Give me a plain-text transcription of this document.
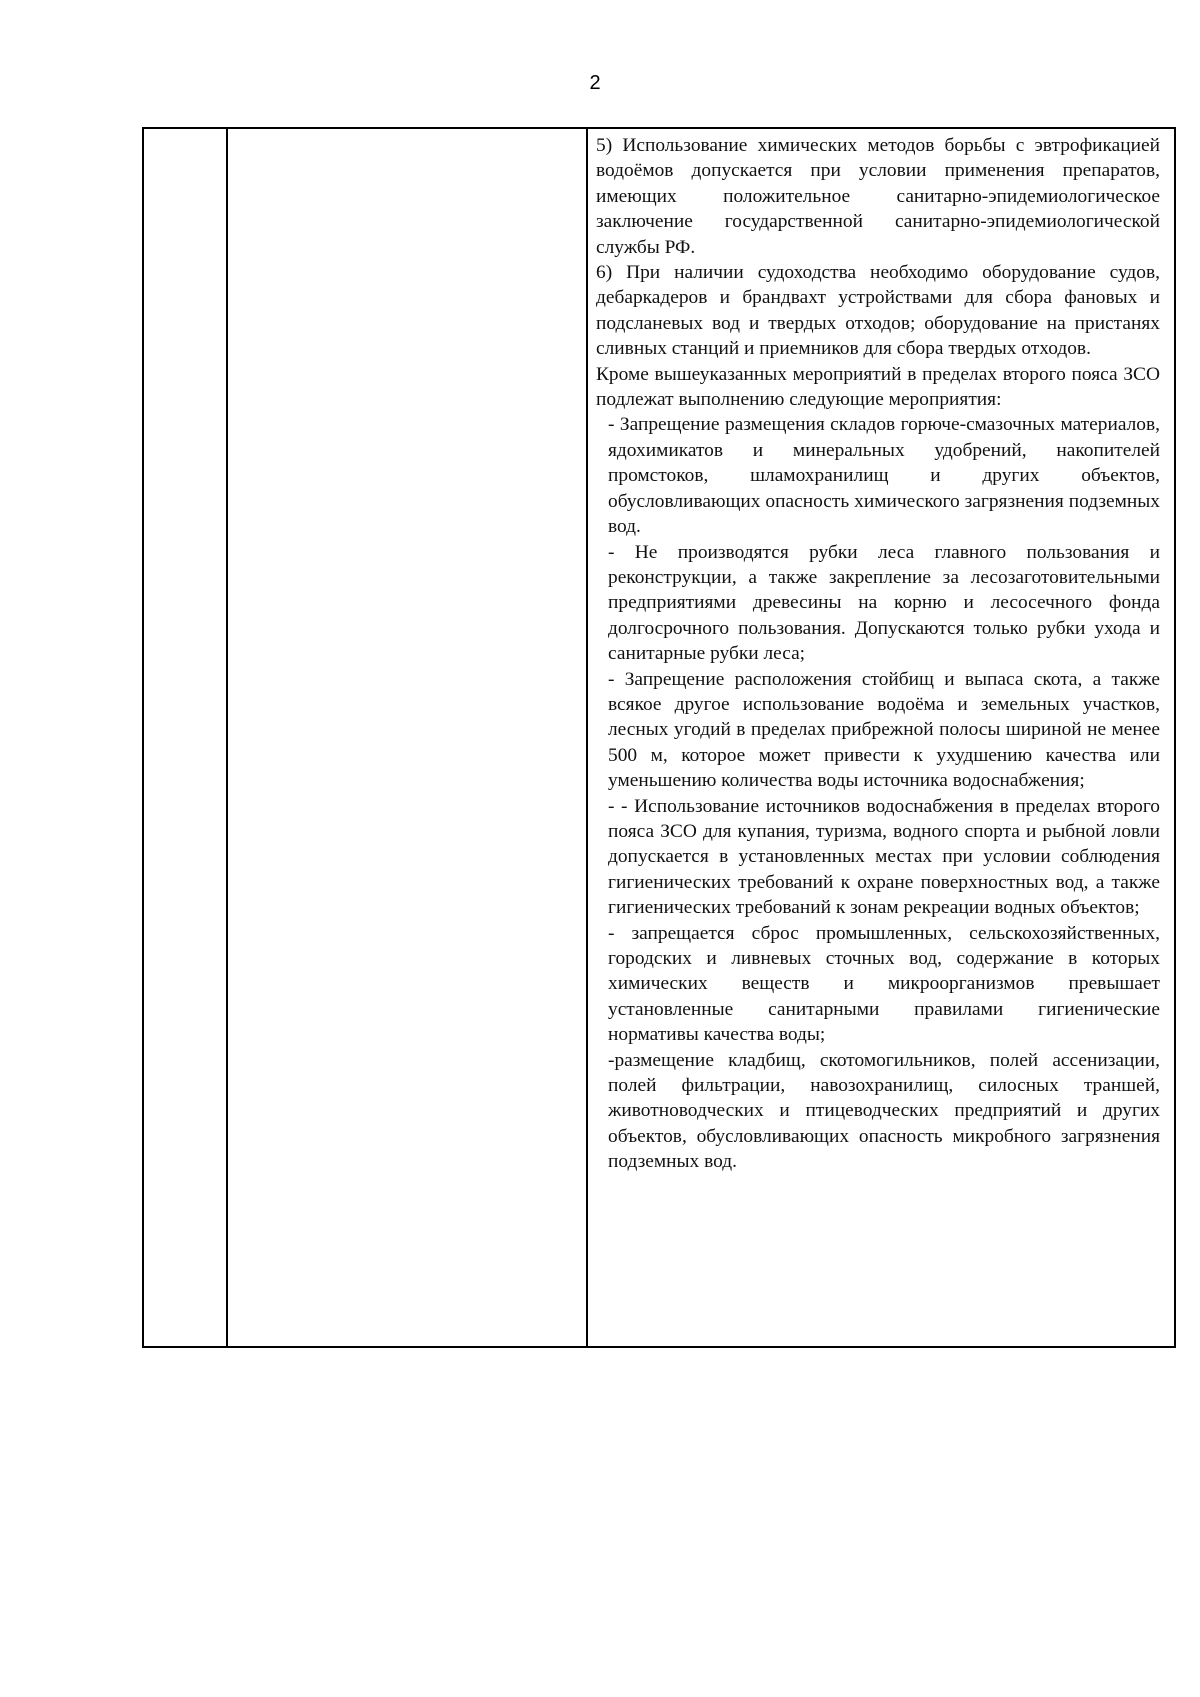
2

5) Использование химических методов борьбы с эвтрофикацией водоёмов допускается при условии применения препаратов, имеющих положительное санитарно-эпидемиологическое заключение государственной санитарно-эпидемиологической службы РФ.

6) При наличии судоходства необходимо оборудование судов, дебаркадеров и брандвахт устройствами для сбора фановых и подсланевых вод и твердых отходов; оборудование на пристанях сливных станций и приемников для сбора твердых отходов.

Кроме вышеуказанных мероприятий в пределах второго пояса ЗСО подлежат выполнению следующие мероприятия:

- Запрещение размещения складов горюче-смазочных материалов, ядохимикатов и минеральных удобрений, накопителей промстоков, шламохранилищ и других объектов, обусловливающих опасность химического загрязнения подземных вод.

- Не производятся рубки леса главного пользования и реконструкции, а также закрепление за лесозаготовительными предприятиями древесины на корню и лесосечного фонда долгосрочного пользования. Допускаются только рубки ухода и санитарные рубки леса;

- Запрещение расположения стойбищ и выпаса скота, а также всякое другое использование водоёма и земельных участков, лесных угодий в пределах прибрежной полосы шириной не менее 500 м, которое может привести к ухудшению качества или уменьшению количества воды источника водоснабжения;

- - Использование источников водоснабжения в пределах второго пояса ЗСО для купания, туризма, водного спорта и рыбной ловли допускается в установленных местах при условии соблюдения гигиенических требований к охране поверхностных вод, а также гигиенических требований к зонам рекреации водных объектов;

- запрещается сброс промышленных, сельскохозяйственных, городских и ливневых сточных вод, содержание в которых химических веществ и микроорганизмов превышает установленные санитарными правилами гигиенические нормативы качества воды;

-размещение кладбищ, скотомогильников, полей ассенизации, полей фильтрации, навозохранилищ, силосных траншей, животноводческих и птицеводческих предприятий и других объектов, обусловливающих опасность микробного загрязнения подземных вод.
